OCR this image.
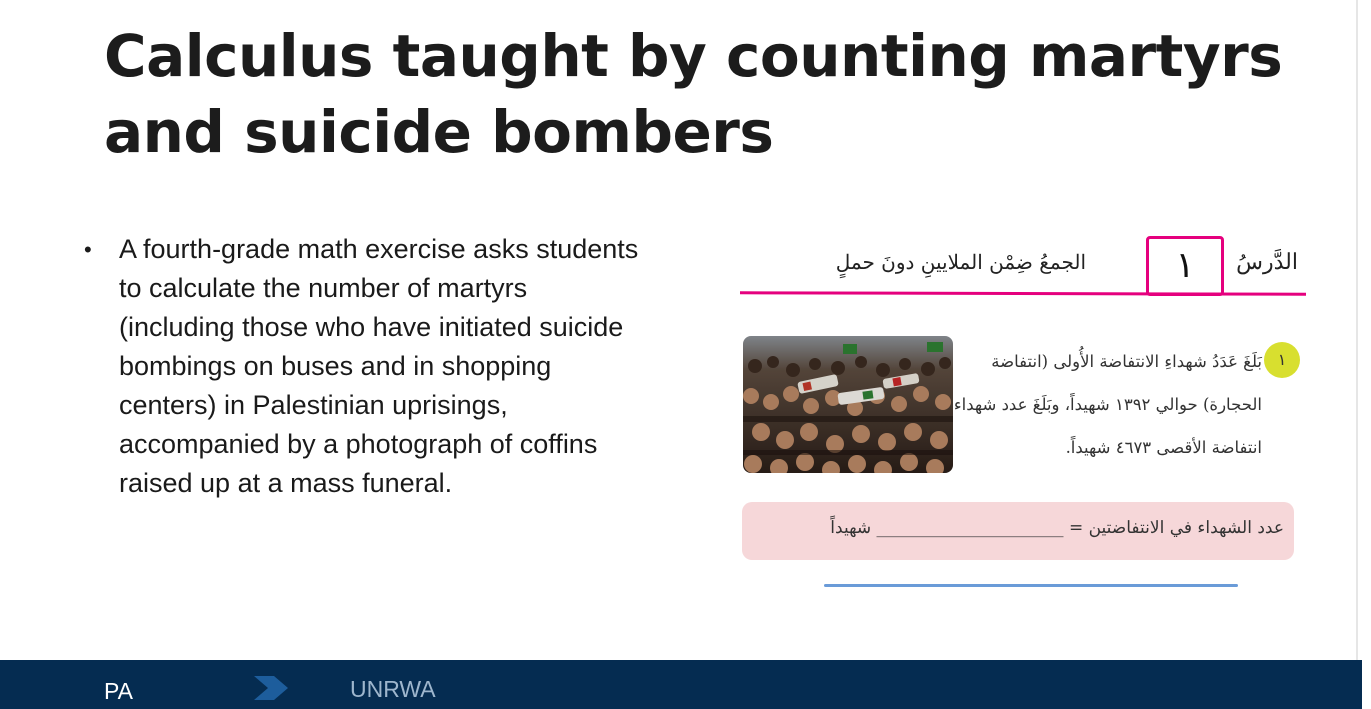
Calculus taught by counting martyrs and suicide bombers
• A fourth-grade math exercise asks students to calculate the number of martyrs (including those who have initiated suicide bombings on buses and in shopping centers) in Palestinian uprisings, accompanied by a photograph of coffins raised up at a mass funeral.
الدَّرسُ
١
الجمعُ ضِمْن الملايينِ دونَ حملٍ
١
بَلَغَ عَدَدُ شهداءِ الانتفاضة الأُولى (انتفاضة الحجارة) حوالي ١٣٩٢ شهيداً، وبَلَغَ عدد شهداء انتفاضة الأقصى ٤٦٧٣ شهيداً.
عدد الشهداء في الانتفاضتين = ______________________ شهيداً
PA	UNRWA
